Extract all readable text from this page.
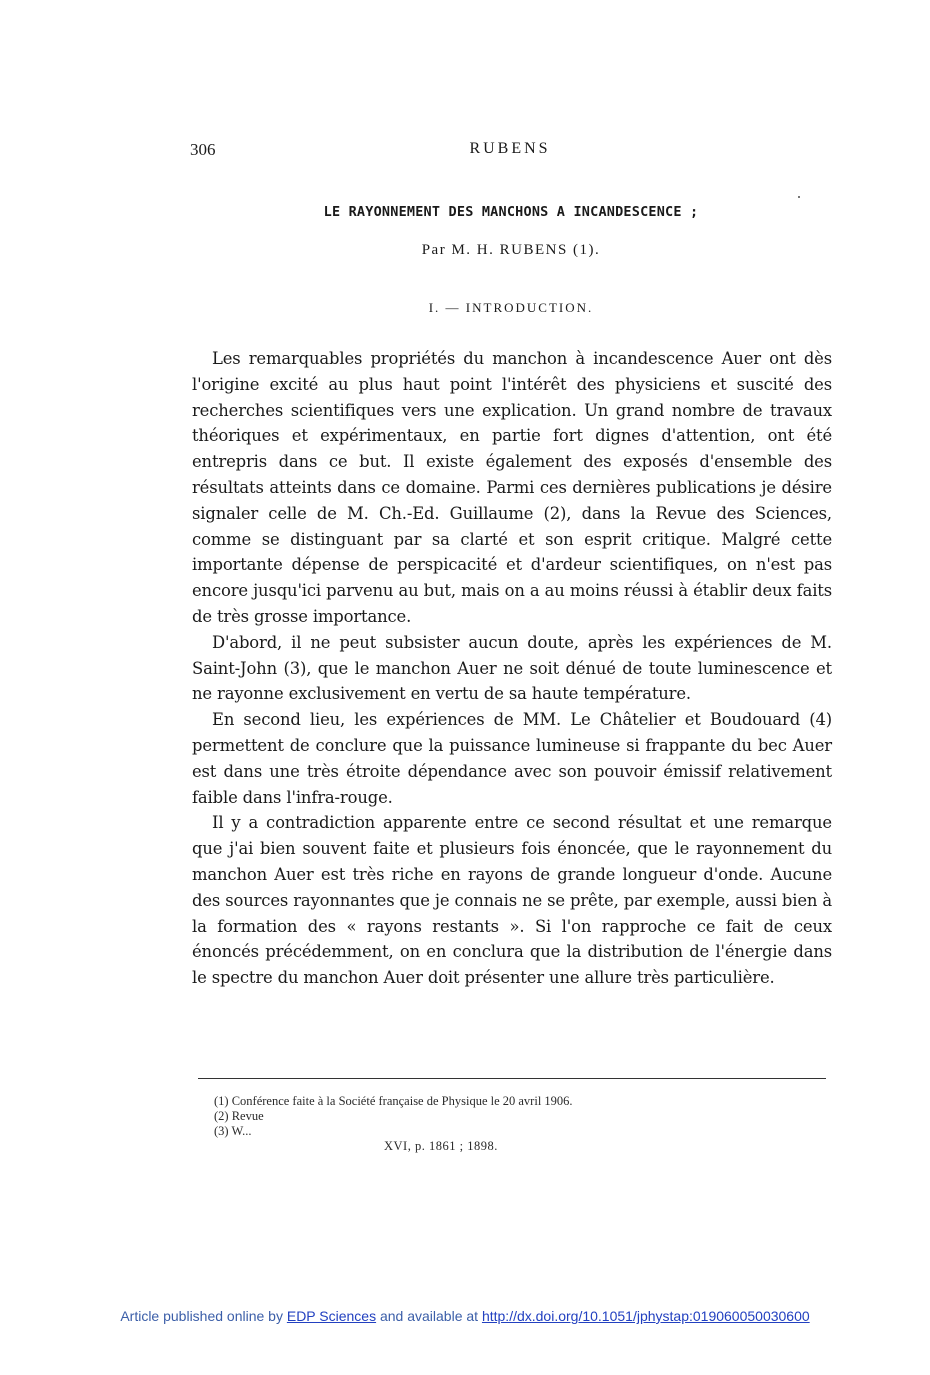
306	RUBENS
LE RAYONNEMENT DES MANCHONS A INCANDESCENCE ;
Par M. H. RUBENS (1).
I. — INTRODUCTION.

Les remarquables propriétés du manchon à incandescence Auer ont dès l'origine excité au plus haut point l'intérêt des physiciens et suscité des recherches scientifiques vers une explication. Un grand nombre de travaux théoriques et expérimentaux, en partie fort dignes d'attention, ont été entrepris dans ce but. Il existe également des exposés d'ensemble des résultats atteints dans ce domaine. Parmi ces dernières publications je désire signaler celle de M. Ch.-Ed. Guillaume (2), dans la Revue des Sciences, comme se distinguant par sa clarté et son esprit critique. Malgré cette importante dépense de perspicacité et d'ardeur scientifiques, on n'est pas encore jusqu'ici parvenu au but, mais on a au moins réussi à établir deux faits de très grosse importance.

D'abord, il ne peut subsister aucun doute, après les expériences de M. Saint-John (3), que le manchon Auer ne soit dénué de toute luminescence et ne rayonne exclusivement en vertu de sa haute température.

En second lieu, les expériences de MM. Le Châtelier et Boudouard (4) permettent de conclure que la puissance lumineuse si frappante du bec Auer est dans une très étroite dépendance avec son pouvoir émissif relativement faible dans l'infra-rouge.

Il y a contradiction apparente entre ce second résultat et une remarque que j'ai bien souvent faite et plusieurs fois énoncée, que le rayonnement du manchon Auer est très riche en rayons de grande longueur d'onde. Aucune des sources rayonnantes que je connais ne se prête, par exemple, aussi bien à la formation des « rayons restants ». Si l'on rapproche ce fait de ceux énoncés précédemment, on en conclura que la distribution de l'énergie dans le spectre du manchon Auer doit présenter une allure très particulière.

(1) Conférence faite à la Société française de Physique le 20 avril 1906.

(2) Revue

(3) W...

XVI, p. 1861 ; 1898.

Article published online by EDP Sciences and available at http://dx.doi.org/10.1051/jphystap:019060050030600
